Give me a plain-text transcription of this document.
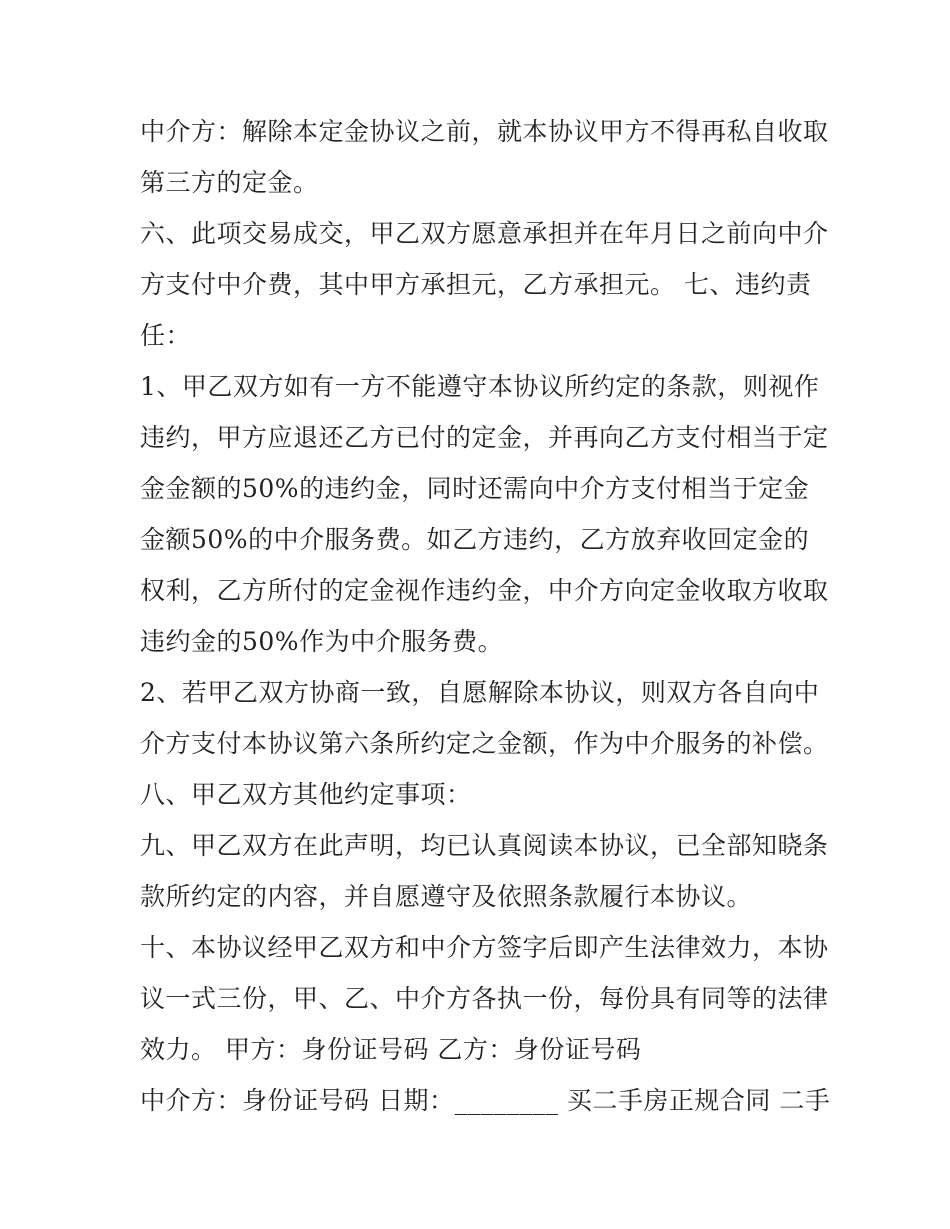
中介方：解除本定金协议之前，就本协议甲方不得再私自收取
第三方的定金。
六、此项交易成交，甲乙双方愿意承担并在年月日之前向中介
方支付中介费，其中甲方承担元，乙方承担元。 七、违约责
任：
1、甲乙双方如有一方不能遵守本协议所约定的条款，则视作
违约，甲方应退还乙方已付的定金，并再向乙方支付相当于定
金金额的50%的违约金，同时还需向中介方支付相当于定金
金额50%的中介服务费。如乙方违约，乙方放弃收回定金的
权利，乙方所付的定金视作违约金，中介方向定金收取方收取
违约金的50%作为中介服务费。
2、若甲乙双方协商一致，自愿解除本协议，则双方各自向中
介方支付本协议第六条所约定之金额，作为中介服务的补偿。
八、甲乙双方其他约定事项：
九、甲乙双方在此声明，均已认真阅读本协议，已全部知晓条
款所约定的内容，并自愿遵守及依照条款履行本协议。
十、本协议经甲乙双方和中介方签字后即产生法律效力，本协
议一式三份，甲、乙、中介方各执一份，每份具有同等的法律
效力。 甲方：身份证号码 乙方：身份证号码
中介方：身份证号码 日期：________ 买二手房正规合同 二手
